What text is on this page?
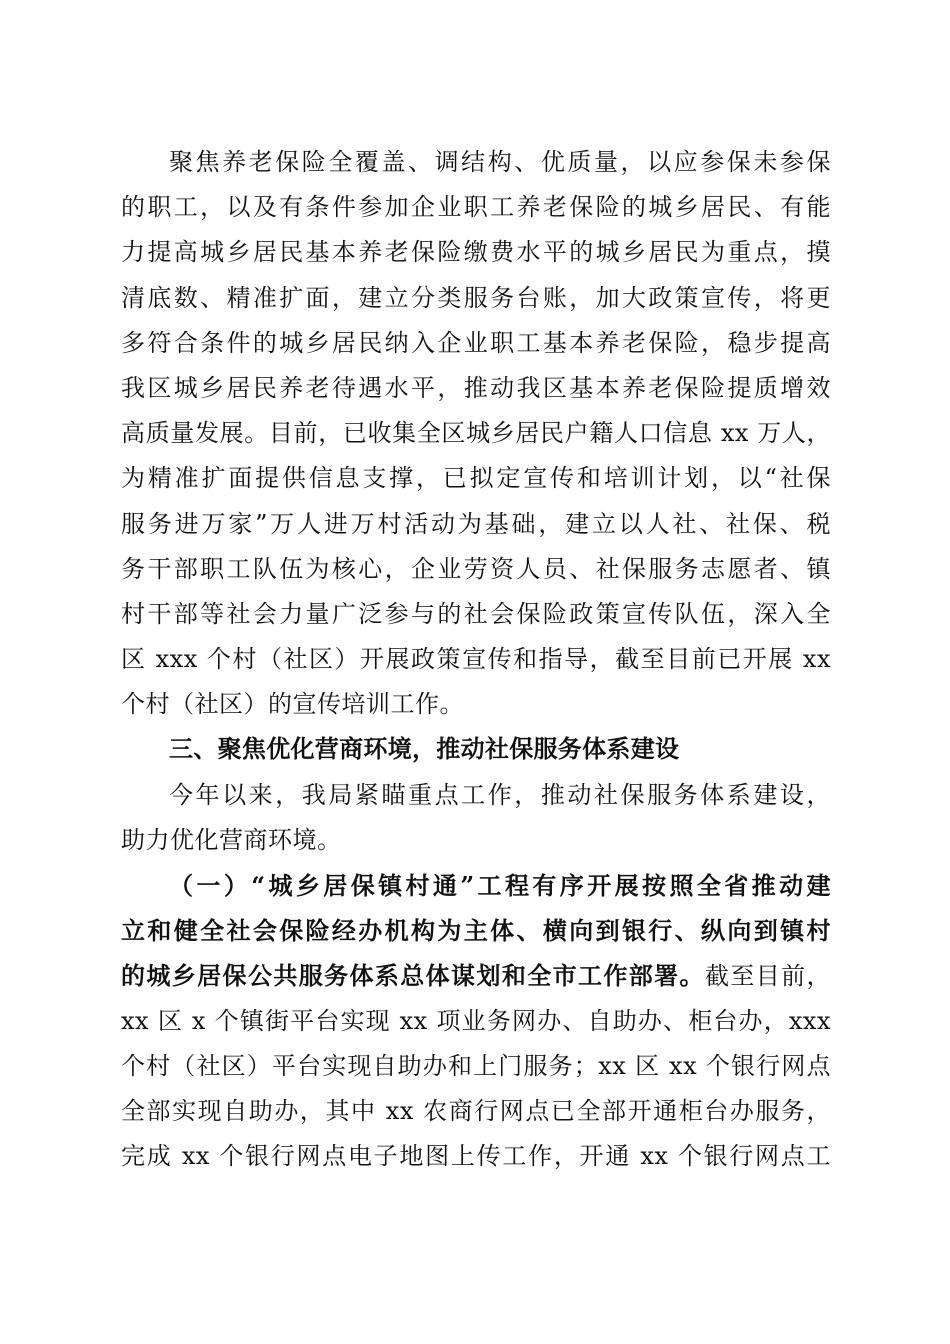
聚焦养老保险全覆盖、调结构、优质量，以应参保未参保
的职工，以及有条件参加企业职工养老保险的城乡居民、有能
力提高城乡居民基本养老保险缴费水平的城乡居民为重点，摸
清底数、精准扩面，建立分类服务台账，加大政策宣传，将更
多符合条件的城乡居民纳入企业职工基本养老保险，稳步提高
我区城乡居民养老待遇水平，推动我区基本养老保险提质增效
高质量发展。目前，已收集全区城乡居民户籍人口信息 xx 万人，
为精准扩面提供信息支撑，已拟定宣传和培训计划，以“社保
服务进万家”万人进万村活动为基础，建立以人社、社保、税
务干部职工队伍为核心，企业劳资人员、社保服务志愿者、镇
村干部等社会力量广泛参与的社会保险政策宣传队伍，深入全
区 xxx 个村（社区）开展政策宣传和指导，截至目前已开展 xx
个村（社区）的宣传培训工作。
三、聚焦优化营商环境，推动社保服务体系建设
今年以来，我局紧瞄重点工作，推动社保服务体系建设，
助力优化营商环境。
（一）“城乡居保镇村通”工程有序开展按照全省推动建
立和健全社会保险经办机构为主体、横向到银行、纵向到镇村
的城乡居保公共服务体系总体谋划和全市工作部署。截至目前，
xx 区 x 个镇街平台实现 xx 项业务网办、自助办、柜台办，xxx
个村（社区）平台实现自助办和上门服务；xx 区 xx 个银行网点
全部实现自助办，其中 xx 农商行网点已全部开通柜台办服务，
完成 xx 个银行网点电子地图上传工作，开通 xx 个银行网点工
